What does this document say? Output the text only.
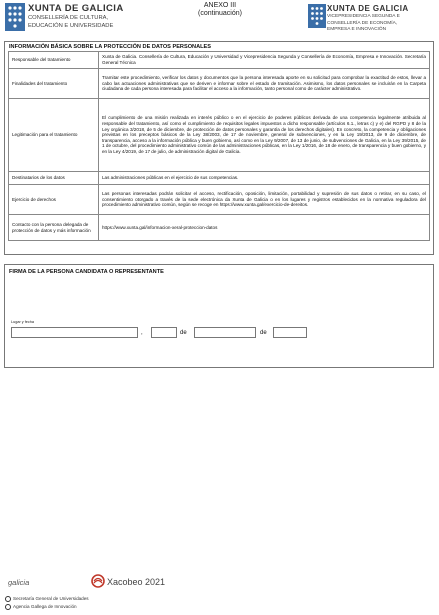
XUNTA DE GALICIA
CONSELLERÍA DE CULTURA,
EDUCACIÓN E UNIVERSIDADE
ANEXO III
(continuación)
XUNTA DE GALICIA
VICEPRESIDENCIA SEGUNDA E
CONSELLERÍA DE ECONOMÍA,
EMPRESA E INNOVACIÓN
INFORMACIÓN BÁSICA SOBRE LA PROTECCIÓN DE DATOS PERSONALES
Responsable del tratamiento	Xunta de Galicia. Consellería de Cultura, Educación y Universidad y Vicepresidencia Segunda y Consellería de Economía, Empresa e Innovación. Secretaría General Técnica
Finalidades del tratamiento	Tramitar este procedimiento, verificar los datos y documentos que la persona interesada aporte en su solicitud para comprobar la exactitud de estos, llevar a cabo las actuaciones administrativas que se deriven e informar sobre el estado de tramitación. Asimismo, los datos personales se incluirán en la Carpeta ciudadana de cada persona interesada para facilitar el acceso a la información, tanto personal como de carácter administrativo.
Legitimación para el tratamiento	El cumplimiento de una misión realizada en interés público o en el ejercicio de poderes públicos derivada de una competencia legalmente atribuida al responsable del tratamiento, así como el cumplimiento de requisitos legales impuestos a dicho responsable (artículos 6.1., letras c) y e) del RGPD y 8 de la Ley orgánica 3/2018, de 5 de diciembre, de protección de datos personales y garantía de los derechos digitales). En concreto, la competencia y obligaciones previstas en los preceptos básicos de la Ley 38/2003, de 17 de noviembre, general de subvenciones, y en la Ley 19/2013, de 9 de diciembre, de transparencia, acceso a la información pública y buen gobierno, así como en la Ley 9/2007, de 13 de junio, de subvenciones de Galicia, en la Ley 39/2015, de 1 de octubre, del procedimiento administrativo común de las administraciones públicas, en la Ley 1/2016, de 18 de enero, de transparencia y buen gobierno, y en la Ley 4/2019, de 17 de julio, de administración digital de Galicia.
Destinatarios de los datos	Las administraciones públicas en el ejercicio de sus competencias.
Ejercicio de derechos	Las personas interesadas podrán solicitar el acceso, rectificación, oposición, limitación, portabilidad y supresión de sus datos o retirar, en su caso, el consentimiento otorgado a través de la sede electrónica da Xunta de Galicia o en los lugares y registros establecidos en la normativa reguladora del procedimiento administrativo común, según se recoge en https://www.xunta.gal/exercicio-de-dereitos.
Contacto con la persona delegada de protección de datos y más información	https://www.xunta.gal/informacion-xeral-proteccion-datos
FIRMA DE LA PERSONA CANDIDATA O REPRESENTANTE
Lugar y fecha
,	de	de
galicia	Xacobeo 2021
Secretaría General de Universidades
Agencia Gallega de Innovación
